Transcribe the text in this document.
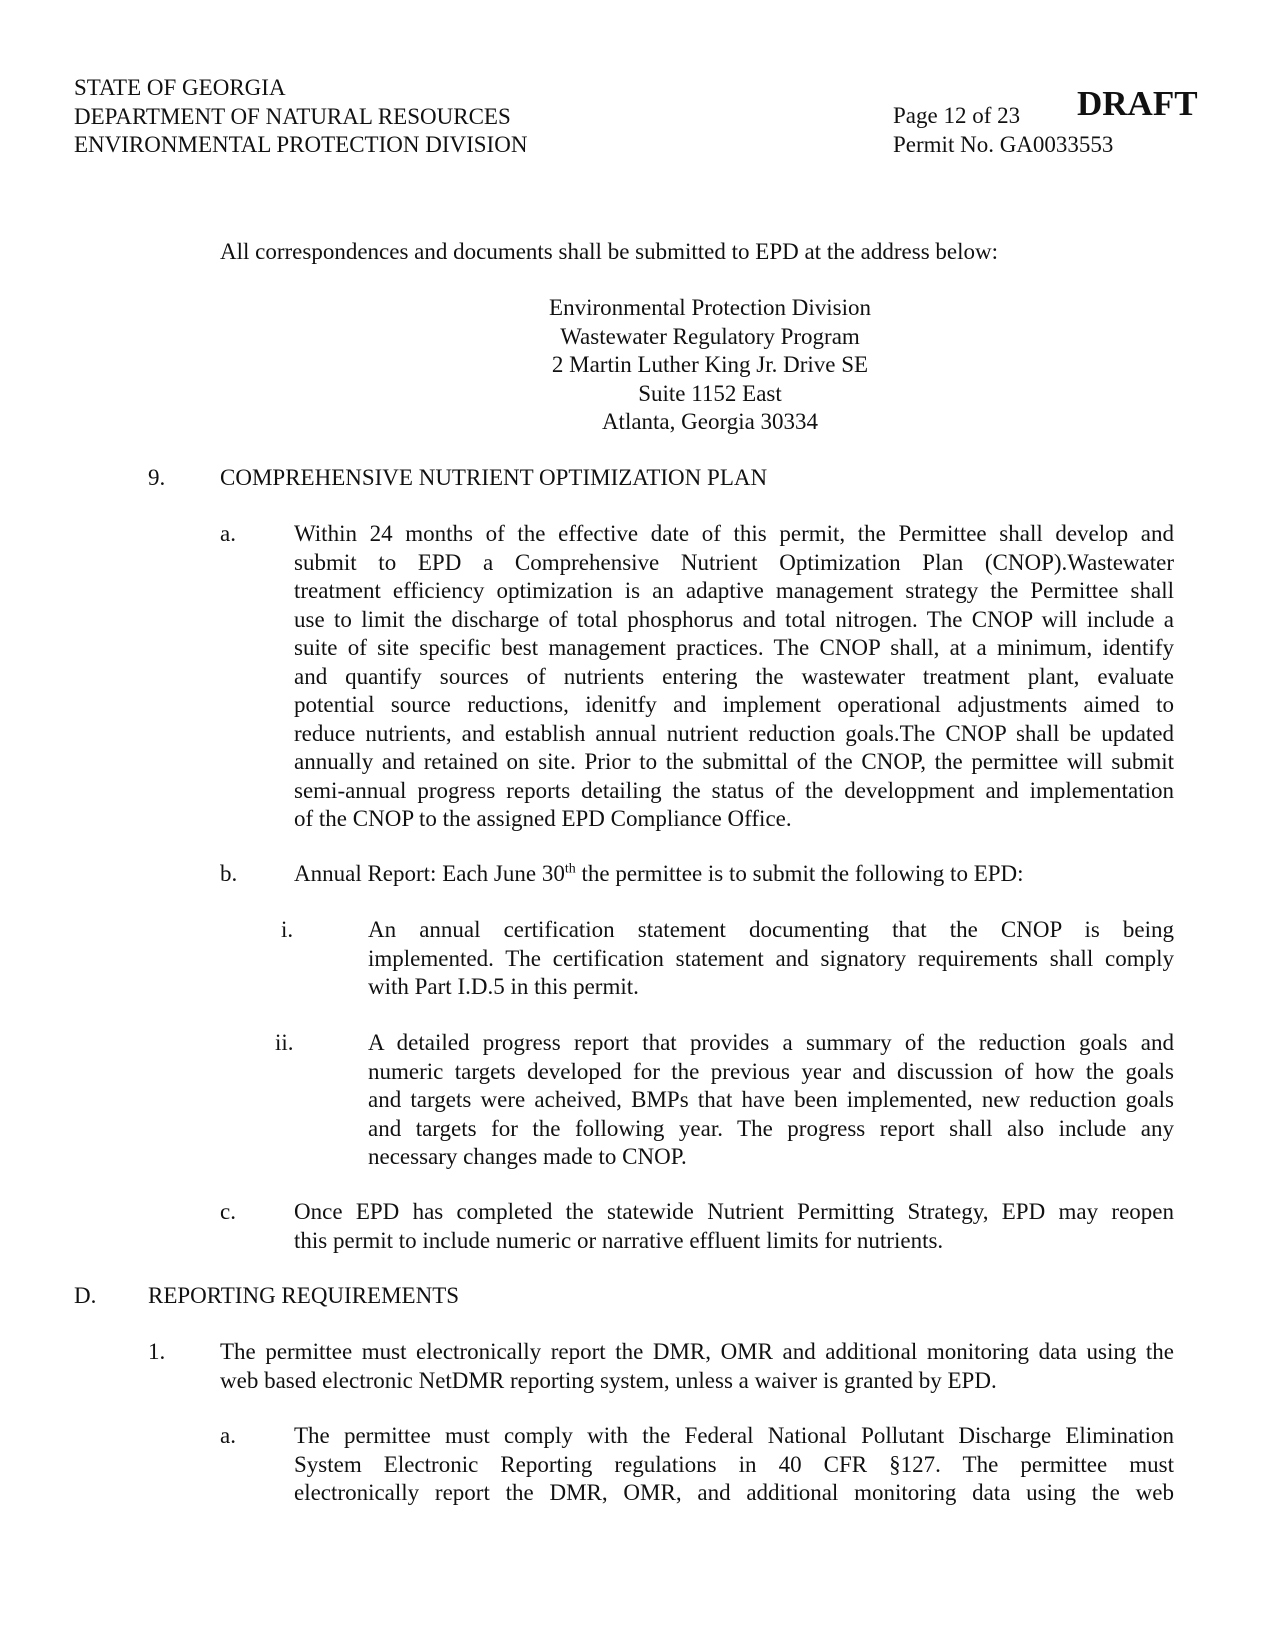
STATE OF GEORGIA
DEPARTMENT OF NATURAL RESOURCES
ENVIRONMENTAL PROTECTION DIVISION
Page 12 of 23
Permit No. GA0033553
DRAFT
All correspondences and documents shall be submitted to EPD at the address below:
Environmental Protection Division
Wastewater Regulatory Program
2 Martin Luther King Jr. Drive SE
Suite 1152 East
Atlanta, Georgia 30334
9. COMPREHENSIVE NUTRIENT OPTIMIZATION PLAN
a.	Within 24 months of the effective date of this permit, the Permittee shall develop and
submit to EPD a Comprehensive Nutrient Optimization Plan (CNOP).Wastewater
treatment efficiency optimization is an adaptive management strategy the Permittee shall
use to limit the discharge of total phosphorus and total nitrogen. The CNOP will include a
suite of site specific best management practices. The CNOP shall, at a minimum, identify
and quantify sources of nutrients entering the wastewater treatment plant, evaluate
potential source reductions, idenitfy and implement operational adjustments aimed to
reduce nutrients, and establish annual nutrient reduction goals.The CNOP shall be updated
annually and retained on site. Prior to the submittal of the CNOP, the permittee will submit
semi-annual progress reports detailing the status of the developpment and implementation
of the CNOP to the assigned EPD Compliance Office.
b. Annual Report: Each June 30th the permittee is to submit the following to EPD:
i.	An annual certification statement documenting that the CNOP is being
implemented. The certification statement and signatory requirements shall comply
with Part I.D.5 in this permit.
ii.	A detailed progress report that provides a summary of the reduction goals and
numeric targets developed for the previous year and discussion of how the goals
and targets were acheived, BMPs that have been implemented, new reduction goals
and targets for the following year. The progress report shall also include any
necessary changes made to CNOP.
c.	Once EPD has completed the statewide Nutrient Permitting Strategy, EPD may reopen
this permit to include numeric or narrative effluent limits for nutrients.
D. REPORTING REQUIREMENTS
1. The permittee must electronically report the DMR, OMR and additional monitoring data using the
web based electronic NetDMR reporting system, unless a waiver is granted by EPD.
a.	The permittee must comply with the Federal National Pollutant Discharge Elimination
System Electronic Reporting regulations in 40 CFR §127. The permittee must
electronically report the DMR, OMR, and additional monitoring data using the web
